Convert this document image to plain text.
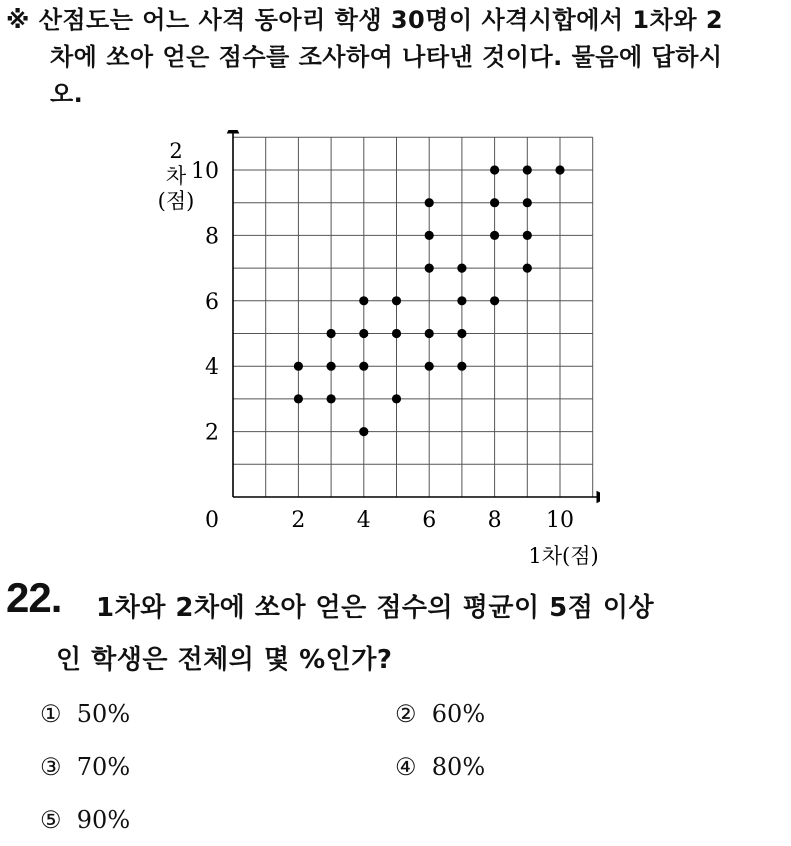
※ 산점도는 어느 사격 동아리 학생 30명이 사격시합에서 1차와 2
차에 쏘아 얻은 점수를 조사하여 나타낸 것이다. 물음에 답하시
오.
2 4 6 8 10
2
4
6
8
10
0
1차(점)
2
차
(점)
22. 1차와 2차에 쏘아 얻은 점수의 평균이 5점 이상
인 학생은 전체의 몇 %인가?
① 50%	② 60%
③ 70%	④ 80%
⑤ 90%
